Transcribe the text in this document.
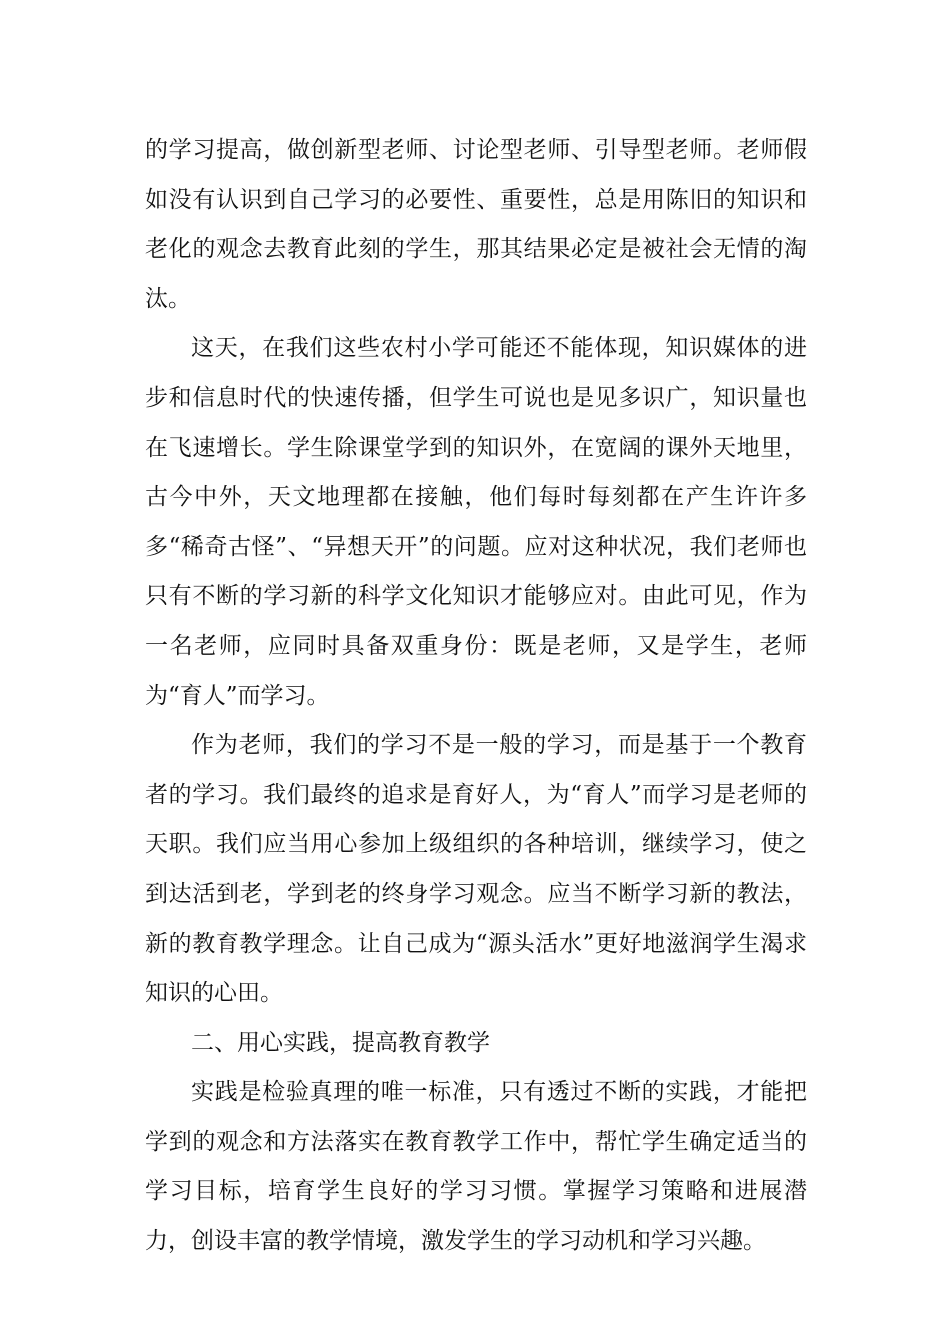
的学习提高，做创新型老师、讨论型老师、引导型老师。老师假如没有认识到自己学习的必要性、重要性，总是用陈旧的知识和老化的观念去教育此刻的学生，那其结果必定是被社会无情的淘汰。

这天，在我们这些农村小学可能还不能体现，知识媒体的进步和信息时代的快速传播，但学生可说也是见多识广，知识量也在飞速增长。学生除课堂学到的知识外，在宽阔的课外天地里，古今中外，天文地理都在接触，他们每时每刻都在产生许许多多“稀奇古怪”、“异想天开”的问题。应对这种状况，我们老师也只有不断的学习新的科学文化知识才能够应对。由此可见，作为一名老师，应同时具备双重身份：既是老师，又是学生，老师为“育人”而学习。

作为老师，我们的学习不是一般的学习，而是基于一个教育者的学习。我们最终的追求是育好人，为“育人”而学习是老师的天职。我们应当用心参加上级组织的各种培训，继续学习，使之到达活到老，学到老的终身学习观念。应当不断学习新的教法，新的教育教学理念。让自己成为“源头活水”更好地滋润学生渴求知识的心田。

二、用心实践，提高教育教学

实践是检验真理的唯一标准，只有透过不断的实践，才能把学到的观念和方法落实在教育教学工作中，帮忙学生确定适当的学习目标，培育学生良好的学习习惯。掌握学习策略和进展潜力，创设丰富的教学情境，激发学生的学习动机和学习兴趣。
